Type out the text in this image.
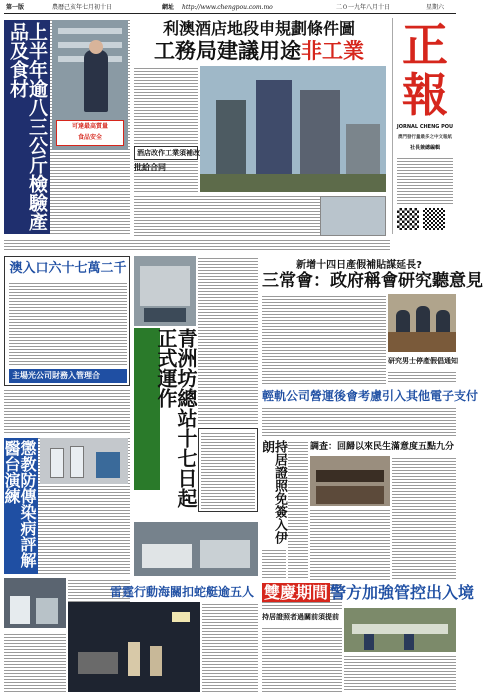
第一版	農曆己亥年七月初十日	網址 http://www.chengpou.com.mo	二０一九年八月十日	星期六
可達最高質量
食品安全
上半年逾八三公斤檢驗產品及食材	利澳酒店地段申規劃條件圖
工務局建議用途非工業
酒店改作工業須補改
批給合同
正
報
JORNAL CHENG POU
澳門發行量最多之中文報紙
社長兼總編輯
澳入口六十七萬二千
主場光公司財務入管理合	青洲坊總站十七日起正式運作
新增十四日產假補貼謀延長?
三常會：政府稱會研究聽意見
研究男士停產假倡通知
輕軌公司營運後會考慮引入其他電子支付
懲教防傳染病評解醫台演練	持居證照免簽入伊朗	調查：回歸以來民生滿意度五點九分
雷霆行動海關扣蛇艇逾五人 雙慶期間 警方加強管控出入境
持居證照者過關前須提前
